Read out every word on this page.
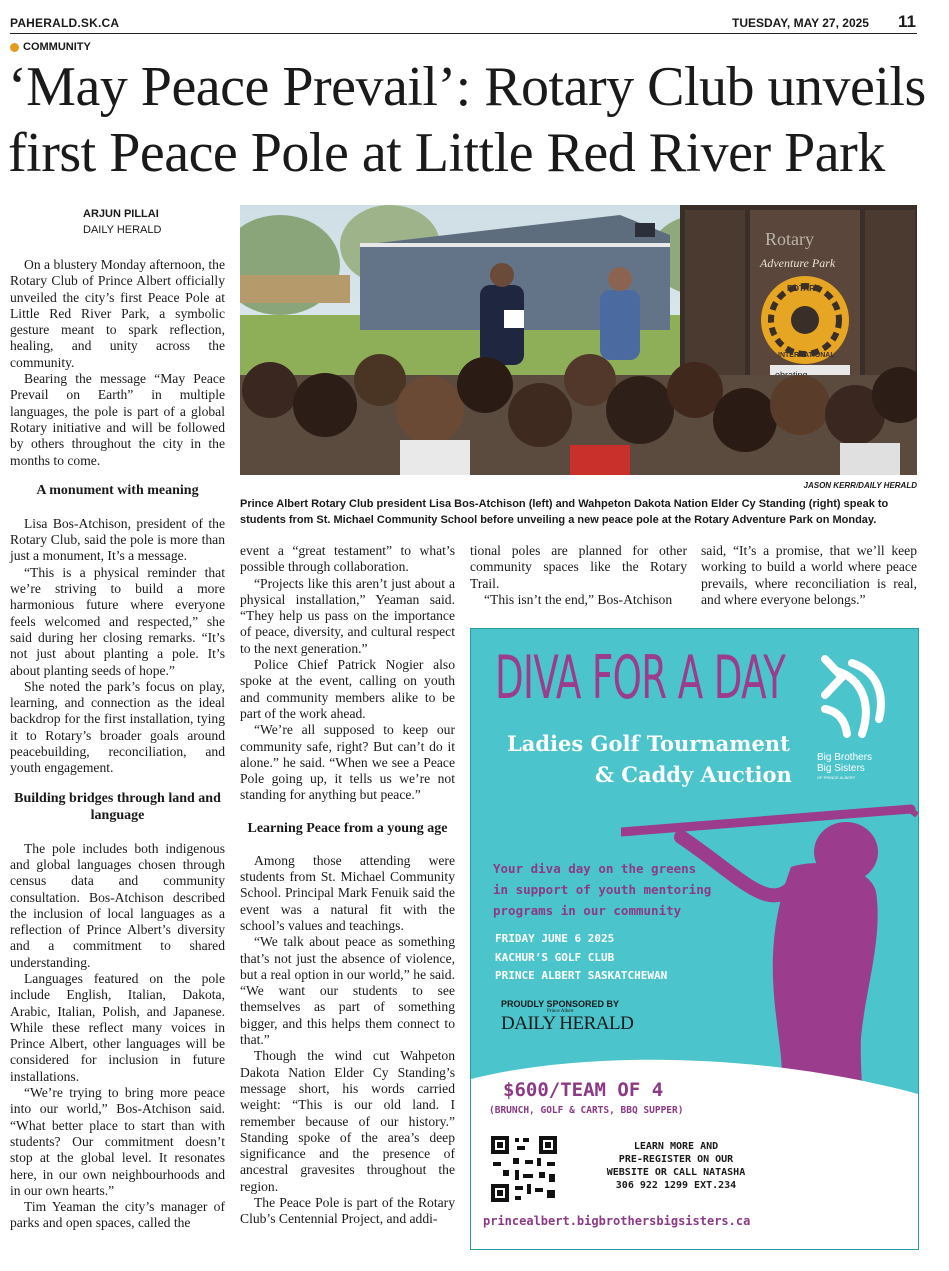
PAHERALD.SK.CA	TUESDAY, MAY 27, 2025 11
COMMUNITY
‘May Peace Prevail’: Rotary Club unveils
first Peace Pole at Little Red River Park
ARJUN PILLAI
DAILY HERALD

On a blustery Monday afternoon, the Rotary Club of Prince Albert officially unveiled the city’s first Peace Pole at Little Red River Park, a symbolic gesture meant to spark reflection, healing, and unity across the community.

Bearing the message “May Peace Prevail on Earth” in multiple languages, the pole is part of a global Rotary initiative and will be followed by others throughout the city in the months to come.

A monument with meaning

Lisa Bos-Atchison, president of the Rotary Club, said the pole is more than just a monument, It’s a message.

“This is a physical reminder that we’re striving to build a more harmonious future where everyone feels welcomed and respected,” she said during her closing remarks. “It’s not just about planting a pole. It’s about planting seeds of hope.”

She noted the park’s focus on play, learning, and connection as the ideal backdrop for the first installation, tying it to Rotary’s broader goals around peacebuilding, reconciliation, and youth engagement.

Building bridges through land and language

The pole includes both indigenous and global languages chosen through census data and community consultation. Bos-Atchison described the inclusion of local languages as a reflection of Prince Albert’s diversity and a commitment to shared understanding.

Languages featured on the pole include English, Italian, Dakota, Arabic, Italian, Polish, and Japanese. While these reflect many voices in Prince Albert, other languages will be considered for inclusion in future installations.

“We’re trying to bring more peace into our world,” Bos-Atchison said. “What better place to start than with students? Our commitment doesn’t stop at the global level. It resonates here, in our own neighbourhoods and in our own hearts.”

Tim Yeaman the city’s manager of parks and open spaces, called the

event a “great testament” to what’s possible through collaboration.

“Projects like this aren’t just about a physical installation,” Yeaman said. “They help us pass on the importance of peace, diversity, and cultural respect to the next generation.”

Police Chief Patrick Nogier also spoke at the event, calling on youth and community members alike to be part of the work ahead.

“We’re all supposed to keep our community safe, right? But can’t do it alone.” he said. “When we see a Peace Pole going up, it tells us we’re not standing for anything but peace.”

Learning Peace from a young age

Among those attending were students from St. Michael Community School. Principal Mark Fenuik said the event was a natural fit with the school’s values and teachings.

“We talk about peace as something that’s not just the absence of violence, but a real option in our world,” he said. “We want our students to see themselves as part of something bigger, and this helps them connect to that.”

Though the wind cut Wahpeton Dakota Nation Elder Cy Standing’s message short, his words carried weight: “This is our old land. I remember because of our history.” Standing spoke of the area’s deep significance and the presence of ancestral gravesites throughout the region.

The Peace Pole is part of the Rotary Club’s Centennial Project, and addi-

tional poles are planned for other community spaces like the Rotary Trail.

“This isn’t the end,” Bos-Atchison

said, “It’s a promise, that we’ll keep working to build a world where peace prevails, where reconciliation is real, and where everyone belongs.”

Rotary
Adventure Park
ROTARY
INTERNATIONAL
JASON KERR/DAILY HERALD
Prince Albert Rotary Club president Lisa Bos-Atchison (left) and Wahpeton Dakota Nation Elder Cy Standing (right) speak to students from St. Michael Community School before unveiling a new peace pole at the Rotary Adventure Park on Monday.
DIVA FOR A DAY
Big Brothers
Big Sisters
OF PRINCE ALBERT
Ladies Golf Tournament
& Caddy Auction
Your diva day on the greens
in support of youth mentoring
programs in our community
FRIDAY JUNE 6 2025
KACHUR’S GOLF CLUB
PRINCE ALBERT SASKATCHEWAN
PROUDLY SPONSORED BY
Prince Albert
DAILY HERALD
$600/TEAM OF 4
(BRUNCH, GOLF & CARTS, BBQ SUPPER)
LEARN MORE AND
PRE-REGISTER ON OUR
WEBSITE OR CALL NATASHA
306 922 1299 EXT.234
princealbert.bigbrothersbigsisters.ca
